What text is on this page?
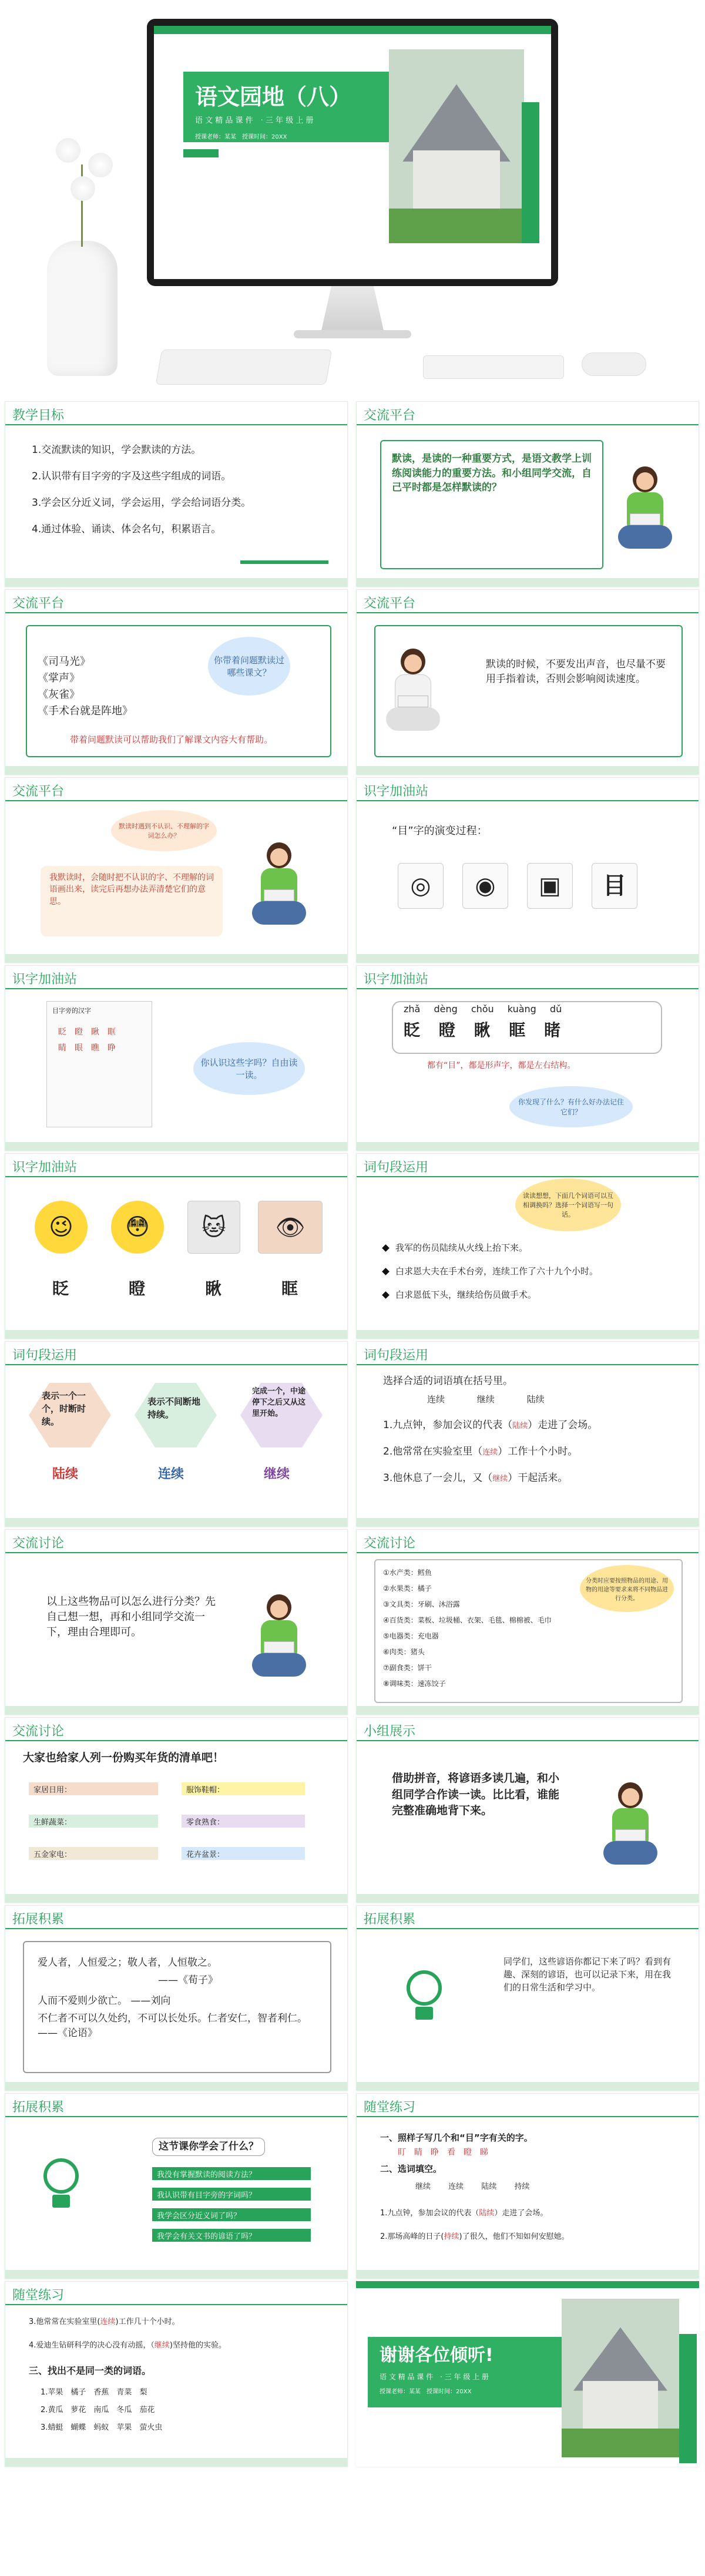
语文园地（八）
语 文 精 品 课 件　· 三 年 级 上 册
授课老师：某某　 授课时间：20XX
教学目标
1.交流默读的知识，学会默读的方法。
2.认识带有目字旁的字及这些字组成的词语。
3.学会区分近义词，学会运用，学会给词语分类。
4.通过体验、诵读、体会名句，积累语言。
交流平台
默读，是读的一种重要方式，是语文教学上训练阅读能力的重要方法。和小组同学交流，自己平时都是怎样默读的？
交流平台
《司马光》
《掌声》
《灰雀》
《手术台就是阵地》
你带着问题默读过哪些课文？
带着问题默读可以帮助我们了解课文内容大有帮助。
交流平台
默读的时候，不要发出声音，也尽量不要用手指着读，否则会影响阅读速度。
交流平台
默读时遇到不认识、不理解的字词怎么办？
我默读时，会随时把不认识的字、不理解的词语画出来，读完后再想办法弄清楚它们的意思。
识字加油站
“目”字的演变过程：
◎	◉	▣	目
识字加油站
目字旁的汉字
眨　 瞪　 瞅　 眶
睛　 眼　 瞧　 睁
你认识这些字吗？自由读一读。
识字加油站
zhǎ dèng chǒu kuàng dǔ
眨 瞪 瞅 眶 睹
都有“目”，都是形声字，都是左右结构。
你发现了什么？有什么好办法记住它们？
识字加油站
😉	😳	🐱	👁
眨	瞪	瞅	眶
词句段运用
读读想想，下面几个词语可以互相调换吗？选择一个词语写一句话。
我军的伤员陆续从火线上抬下来。
白求恩大夫在手术台旁，连续工作了六十九个小时。
白求恩低下头，继续给伤员做手术。
词句段运用
表示一个一个，时断时续。
表示不间断地持续。
完成一个，中途停下之后又从这里开始。
陆续	连续	继续
词句段运用
选择合适的词语填在括号里。
连续	继续	陆续
1.九点钟，参加会议的代表（陆续）走进了会场。
2.他常常在实验室里（连续）工作十个小时。
3.他休息了一会儿，又（继续）干起活来。
交流讨论
以上这些物品可以怎么进行分类？先自己想一想，再和小组同学交流一下，理由合理即可。
交流讨论
分类时应要按照物品的用途、用物的用途等要求来将不同物品进行分类。
①水产类：鳕鱼
②水果类：橘子
③文具类：牙刷、沐浴露
④百货类：菜板、垃圾桶、衣架、毛毯、棉棉被、毛巾
⑤电器类：充电器
⑥肉类：猪头
⑦副食类：饼干
⑧调味类：速冻饺子
交流讨论
大家也给家人列一份购买年货的清单吧！
家居日用：	服饰鞋帽：
生鲜蔬菜：	零食熟食：
五金家电：	花卉盆景：
小组展示
借助拼音，将谚语多读几遍，和小组同学合作读一读。比比看，谁能完整准确地背下来。
拓展积累
爱人者，人恒爱之；敬人者，人恒敬之。
——《荀子》
人而不爱则少欲亡。 ——刘向
不仁者不可以久处约，不可以长处乐。仁者安仁，智者利仁。 ——《论语》
拓展积累
同学们，这些谚语你都记下来了吗？看到有趣、深刻的谚语，也可以记录下来，用在我们的日常生活和学习中。
拓展积累
这节课你学会了什么？
我没有掌握默读的阅读方法？
我认识带有目字旁的字词吗？
我学会区分近义词了吗？
我学会有关文书的谚语了吗？
随堂练习
一、照样子写几个和“目”字有关的字。
盯　睛　睁　看　瞪　睇
二、选词填空。
继续 连续 陆续 持续
1.九点钟，参加会议的代表（陆续）走进了会场。
2.那场高峰的日子(持续)了很久，他们不知如何安慰她。
随堂练习
3.他常常在实验室里(连续)工作几十个小时。
4.爱迪生钻研科学的决心没有动摇，（继续)坚持他的实验。
三、找出不是同一类的词语。
1.苹果　橘子　香蕉　青菜　梨
2.黄瓜　萝花　南瓜　冬瓜　茄花
3.蜻蜓　蝴蝶　蚂蚁　苹果　萤火虫
谢谢各位倾听!
语 文 精 品 课 件　· 三 年 级 上 册
授课老师：某某　授课时间：20XX
